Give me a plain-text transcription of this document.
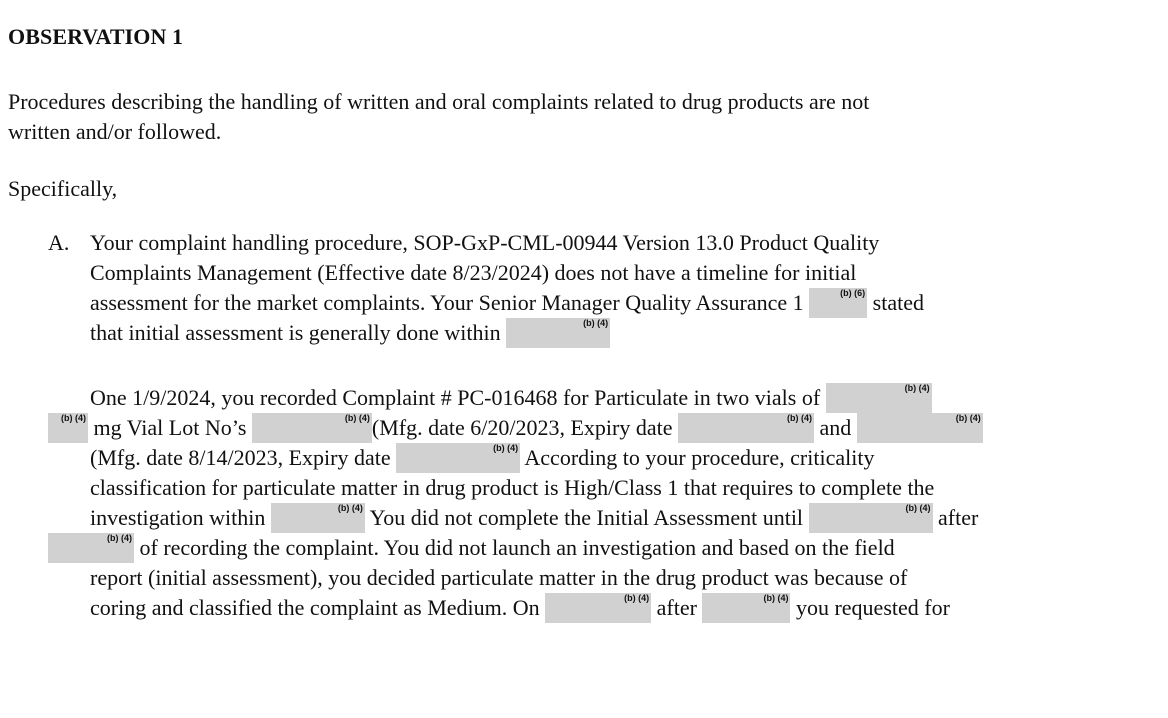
OBSERVATION 1

Procedures describing the handling of written and oral complaints related to drug products are not
written and/or followed.
Specifically,
A. Your complaint handling procedure, SOP-GxP-CML-00944 Version 13.0 Product Quality
Complaints Management (Effective date 8/23/2024) does not have a timeline for initial
assessment for the market complaints. Your Senior Manager Quality Assurance 1	(b) (6) stated
that initial assessment is generally done within	(b) (4)
One 1/9/2024, you recorded Complaint # PC-016468 for Particulate in two vials of	(b) (4)
(b) (4) mg Vial Lot No’s	(b) (4) (Mfg. date 6/20/2023, Expiry date	(b) (4) and	(b) (4)
(Mfg. date 8/14/2023, Expiry date	(b) (4) According to your procedure, criticality
classification for particulate matter in drug product is High/Class 1 that requires to complete the
investigation within	(b) (4) You did not complete the Initial Assessment until	(b) (4) after
(b) (4) of recording the complaint. You did not launch an investigation and based on the field
report (initial assessment), you decided particulate matter in the drug product was because of
coring and classified the complaint as Medium. On	(b) (4) after	(b) (4) you requested for
